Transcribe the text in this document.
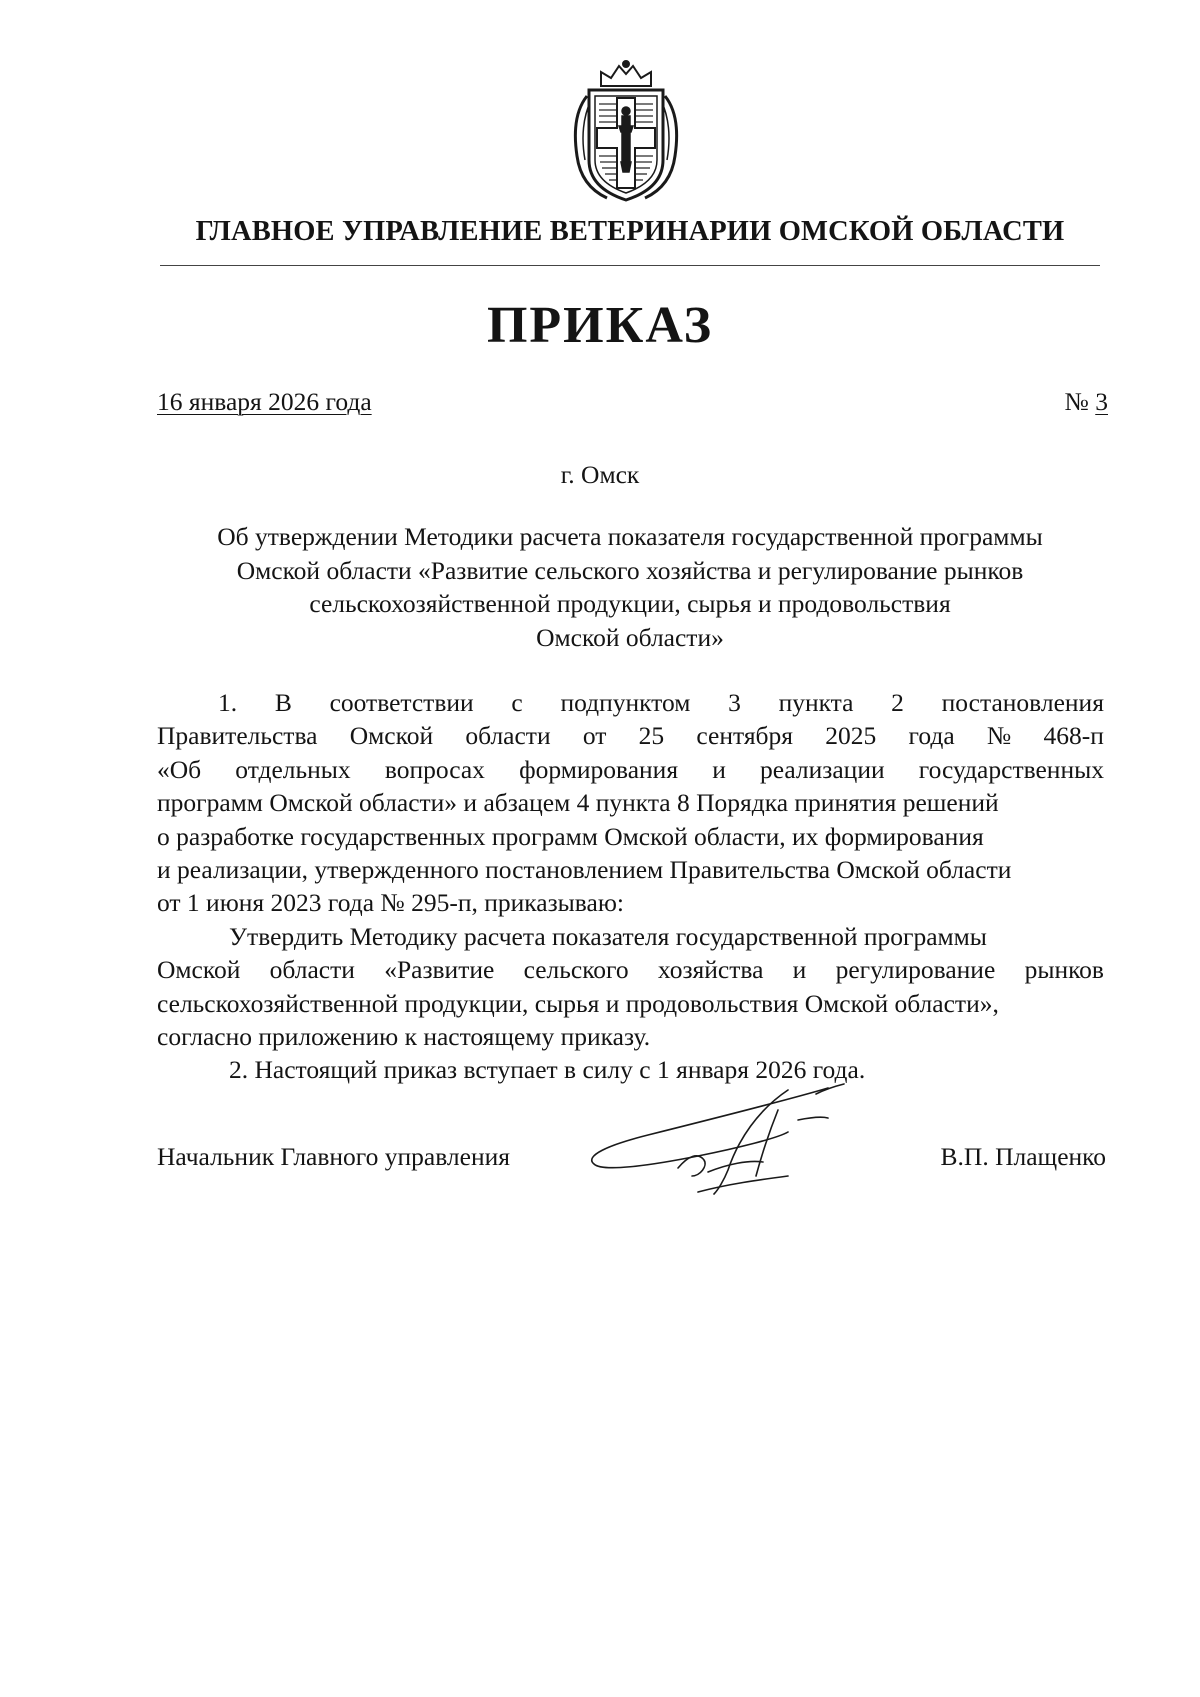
ГЛАВНОЕ УПРАВЛЕНИЕ ВЕТЕРИНАРИИ ОМСКОЙ ОБЛАСТИ
ПРИКАЗ
16 января 2026 года	№ 3
г. Омск
Об утверждении Методики расчета показателя государственной программы
Омской области «Развитие сельского хозяйства и регулирование рынков
сельскохозяйственной продукции, сырья и продовольствия
Омской области»
1. В соответствии с подпунктом 3 пункта 2 постановления
Правительства Омской области от 25 сентября 2025 года № 468-п
«Об отдельных вопросах формирования и реализации государственных
программ Омской области» и абзацем 4 пункта 8 Порядка принятия решений
о разработке государственных программ Омской области, их формирования
и реализации, утвержденного постановлением Правительства Омской области
от 1 июня 2023 года № 295-п, приказываю:
Утвердить Методику расчета показателя государственной программы
Омской области «Развитие сельского хозяйства и регулирование рынков
сельскохозяйственной продукции, сырья и продовольствия Омской области»,
согласно приложению к настоящему приказу.
2. Настоящий приказ вступает в силу с 1 января 2026 года.
Начальник Главного управления	В.П. Плащенко
